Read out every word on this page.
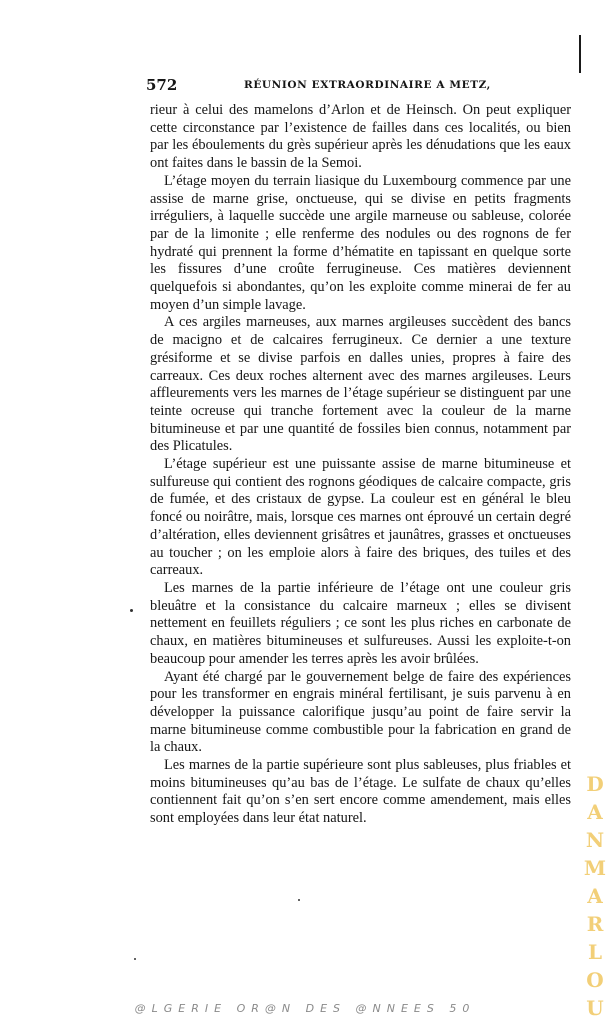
572	RÉUNION EXTRAORDINAIRE A METZ,

rieur à celui des mamelons d’Arlon et de Heinsch. On peut expliquer cette circonstance par l’existence de failles dans ces localités, ou bien par les éboulements du grès supérieur après les dénudations que les eaux ont faites dans le bassin de la Semoi.

L’étage moyen du terrain liasique du Luxembourg commence par une assise de marne grise, onctueuse, qui se divise en petits fragments irréguliers, à laquelle succède une argile marneuse ou sableuse, colorée par de la limonite ; elle renferme des nodules ou des rognons de fer hydraté qui prennent la forme d’hématite en tapissant en quelque sorte les fissures d’une croûte ferrugineuse. Ces matières deviennent quelquefois si abondantes, qu’on les exploite comme minerai de fer au moyen d’un simple lavage.

A ces argiles marneuses, aux marnes argileuses succèdent des bancs de macigno et de calcaires ferrugineux. Ce dernier a une texture grésiforme et se divise parfois en dalles unies, propres à faire des carreaux. Ces deux roches alternent avec des marnes argileuses. Leurs affleurements vers les marnes de l’étage supérieur se distinguent par une teinte ocreuse qui tranche fortement avec la couleur de la marne bitumineuse et par une quantité de fossiles bien connus, notamment par des Plicatules.

L’étage supérieur est une puissante assise de marne bitumineuse et sulfureuse qui contient des rognons géodiques de calcaire compacte, gris de fumée, et des cristaux de gypse. La couleur est en général le bleu foncé ou noirâtre, mais, lorsque ces marnes ont éprouvé un certain degré d’altération, elles deviennent grisâtres et jaunâtres, grasses et onctueuses au toucher ; on les emploie alors à faire des briques, des tuiles et des carreaux.

Les marnes de la partie inférieure de l’étage ont une couleur gris bleuâtre et la consistance du calcaire marneux ; elles se divisent nettement en feuillets réguliers ; ce sont les plus riches en carbonate de chaux, en matières bitumineuses et sulfureuses. Aussi les exploite-t-on beaucoup pour amender les terres après les avoir brûlées.

Ayant été chargé par le gouvernement belge de faire des expériences pour les transformer en engrais minéral fertilisant, je suis parvenu à en développer la puissance calorifique jusqu’au point de faire servir la marne bitumineuse comme combustible pour la fabrication en grand de la chaux.

Les marnes de la partie supérieure sont plus sableuses, plus friables et moins bitumineuses qu’au bas de l’étage. Le sulfate de chaux qu’elles contiennent fait qu’on s’en sert encore comme amendement, mais elles sont employées dans leur état naturel.

DANMARLOU
@LGERIE OR@N DES @NNEES 50
